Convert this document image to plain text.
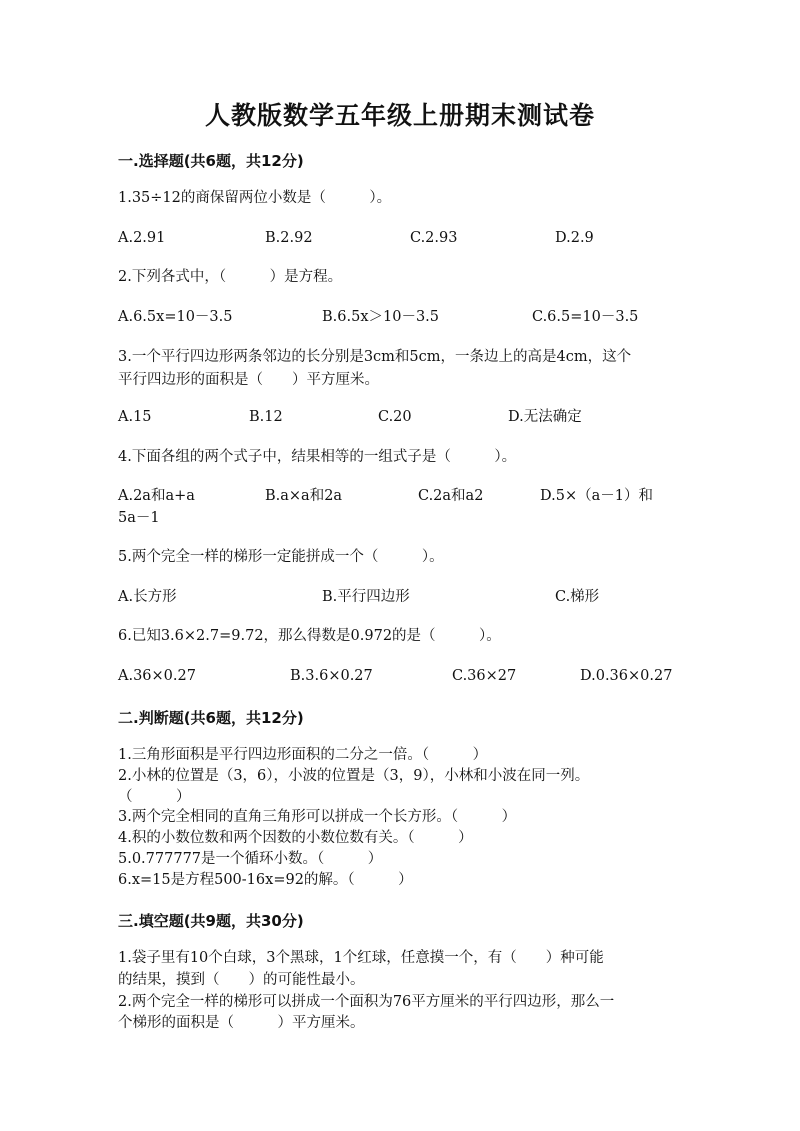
人教版数学五年级上册期末测试卷
一.选择题(共6题，共12分)
1.35÷12的商保留两位小数是（　　　）。
A.2.91	B.2.92	C.2.93	D.2.9
2.下列各式中，（　　　）是方程。
A.6.5x=10－3.5	B.6.5x＞10－3.5	C.6.5=10－3.5
3.一个平行四边形两条邻边的长分别是3cm和5cm，一条边上的高是4cm，这个
平行四边形的面积是（　　）平方厘米。
A.15	B.12	C.20	D.无法确定
4.下面各组的两个式子中，结果相等的一组式子是（　　　）。
A.2a和a+a	B.a×a和2a	C.2a和a2	D.5×（a－1）和
5a－1
5.两个完全一样的梯形一定能拼成一个（　　　）。
A.长方形	B.平行四边形	C.梯形
6.已知3.6×2.7=9.72，那么得数是0.972的是（　　　）。
A.36×0.27	B.3.6×0.27	C.36×27	D.0.36×0.27
二.判断题(共6题，共12分)
1.三角形面积是平行四边形面积的二分之一倍。（　　　）
2.小林的位置是（3，6），小波的位置是（3，9），小林和小波在同一列。
（　　　）
3.两个完全相同的直角三角形可以拼成一个长方形。（　　　）
4.积的小数位数和两个因数的小数位数有关。（　　　）
5.0.777777是一个循环小数。（　　　）
6.x=15是方程500-16x=92的解。（　　　）
三.填空题(共9题，共30分)
1.袋子里有10个白球，3个黑球，1个红球，任意摸一个，有（　　）种可能
的结果，摸到（　　）的可能性最小。
2.两个完全一样的梯形可以拼成一个面积为76平方厘米的平行四边形，那么一
个梯形的面积是（　　　）平方厘米。
